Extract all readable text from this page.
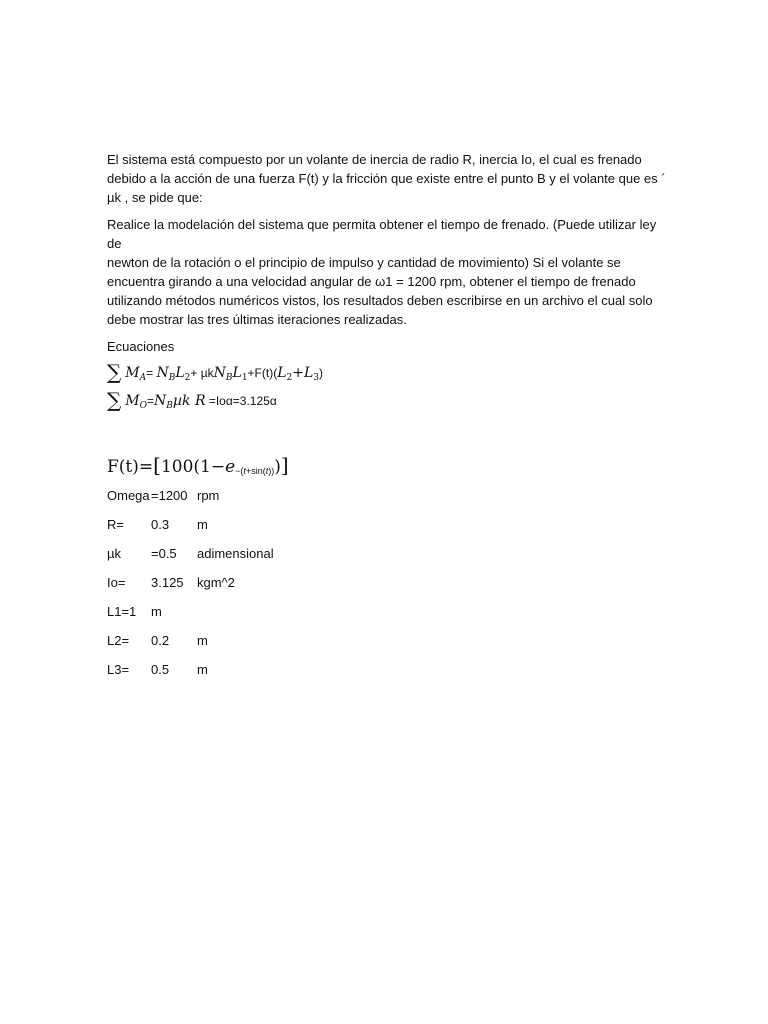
El sistema está compuesto por un volante de inercia de radio R, inercia Io, el cual es frenado
debido a la acción de una fuerza F(t) y la fricción que existe entre el punto B y el volante que es ´
µk , se pide que:
Realice la modelación del sistema que permita obtener el tiempo de frenado. (Puede utilizar ley de
newton de la rotación o el principio de impulso y cantidad de movimiento) Si el volante se
encuentra girando a una velocidad angular de ω1 = 1200 rpm, obtener el tiempo de frenado
utilizando métodos numéricos vistos, los resultados deben escribirse en un archivo el cual solo
debe mostrar las tres últimas iteraciones realizadas.
Ecuaciones
∑ $M_A= N_BL_2+ \mu kN_BL_1+F(t)(L_2+L_3)$
∑ $M_O=N_B\mu k$ R =Ioα=3.125α
$F(t)=[100(1-e_{-(t+sin(t))})]$
Omega =1200 rpm
R= 0.3 m
µk =0.5 adimensional
Io= 3.125 kgm^2
L1=1 m
L2= 0.2 m
L3= 0.5 m
